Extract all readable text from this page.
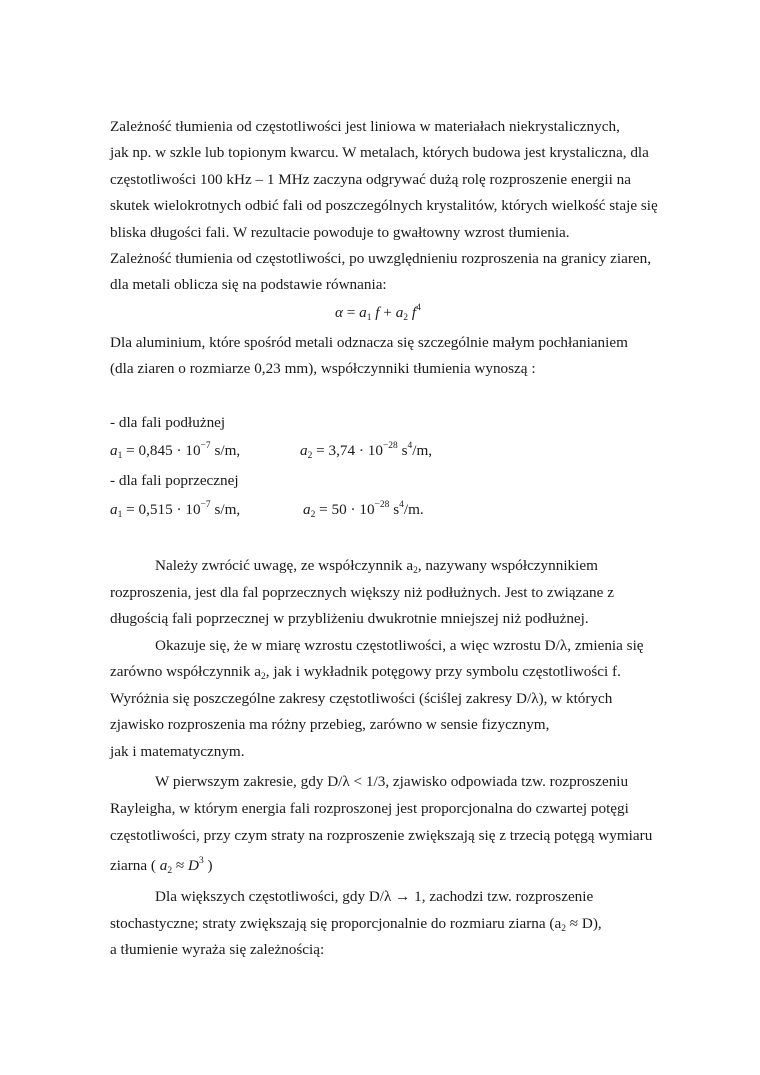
Zależność tłumienia od częstotliwości jest liniowa w materiałach niekrystalicznych,
jak np. w szkle lub topionym kwarcu. W metalach, których budowa jest krystaliczna, dla
częstotliwości 100 kHz – 1 MHz zaczyna odgrywać dużą rolę rozproszenie energii na
skutek wielokrotnych odbić fali od poszczególnych krystalitów, których wielkość staje się
bliska długości fali. W rezultacie powoduje to gwałtowny wzrost tłumienia.
Zależność tłumienia od częstotliwości, po uwzględnieniu rozproszenia na granicy ziaren,
dla metali oblicza się na podstawie równania:
$\alpha = a_1$ $f + a_2$ $f^4$
Dla aluminium, które spośród metali odznacza się szczególnie małym pochłanianiem
(dla ziaren o rozmiarze 0,23 mm), współczynniki tłumienia wynoszą :
- dla fali podłużnej
$a_1 = 0,845 \cdot 10^{-7}$ s/m,	$a_2 = 3,74 \cdot 10^{-28}$ $s^4/m$,
- dla fali poprzecznej
$a_1 = 0,515 \cdot 10^{-7}$ s/m,	$a_2 = 50 \cdot 10^{-28}$ $s^4/m$.
Należy zwrócić uwagę, ze współczynnik $a_2$, nazywany współczynnikiem
rozproszenia, jest dla fal poprzecznych większy niż podłużnych. Jest to związane z
długością fali poprzecznej w przybliżeniu dwukrotnie mniejszej niż podłużnej.
Okazuje się, że w miarę wzrostu częstotliwości, a więc wzrostu D/λ, zmienia się
zarówno współczynnik $a_2$, jak i wykładnik potęgowy przy symbolu częstotliwości f.
Wyróżnia się poszczególne zakresy częstotliwości (ściślej zakresy D/λ), w których
zjawisko rozproszenia ma różny przebieg, zarówno w sensie fizycznym,
jak i matematycznym.
W pierwszym zakresie, gdy D/λ < 1/3, zjawisko odpowiada tzw. rozproszeniu
Rayleigha, w którym energia fali rozproszonej jest proporcjonalna do czwartej potęgi
częstotliwości, przy czym straty na rozproszenie zwiększają się z trzecią potęgą wymiaru
ziarna ( $a_2 \approx D^3$ )
Dla większych częstotliwości, gdy D/λ → 1, zachodzi tzw. rozproszenie
stochastyczne; straty zwiększają się proporcjonalnie do rozmiaru ziarna $(a_2 \approx D)$,
a tłumienie wyraża się zależnością:
